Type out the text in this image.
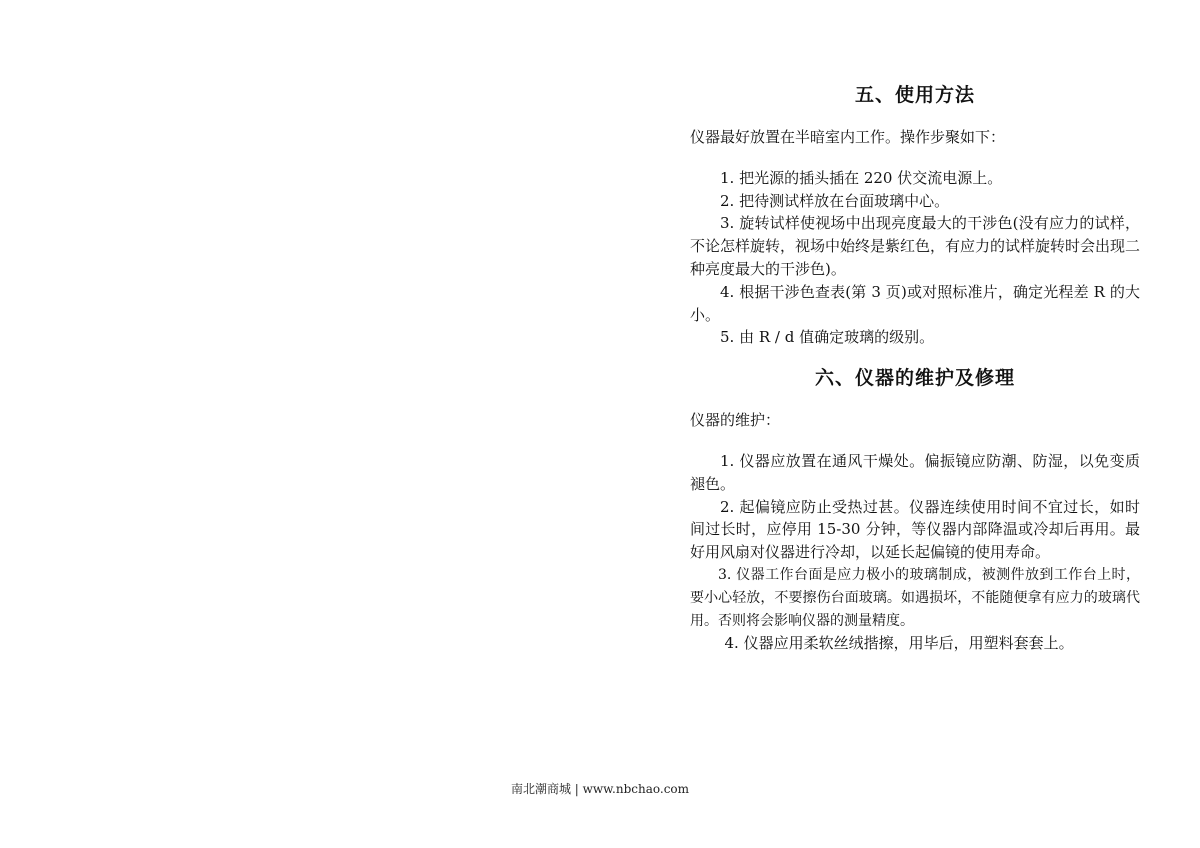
五、使用方法

仪器最好放置在半暗室内工作。操作步聚如下：

1. 把光源的插头插在 220 伏交流电源上。

2. 把待测试样放在台面玻璃中心。

3. 旋转试样使视场中出现亮度最大的干涉色(没有应力的试样，不论怎样旋转，视场中始终是紫红色，有应力的试样旋转时会出现二种亮度最大的干涉色)。

4. 根据干涉色查表(第 3 页)或对照标准片，确定光程差 R 的大小。

5. 由 R / d 值确定玻璃的级别。

六、仪器的维护及修理

仪器的维护：

1. 仪器应放置在通风干燥处。偏振镜应防潮、防湿，以免变质褪色。

2. 起偏镜应防止受热过甚。仪器连续使用时间不宜过长，如时间过长时，应停用 15-30 分钟，等仪器内部降温或冷却后再用。最好用风扇对仪器进行冷却，以延长起偏镜的使用寿命。

3. 仪器工作台面是应力极小的玻璃制成，被测件放到工作台上时，要小心轻放，不要擦伤台面玻璃。如遇损坏，不能随便拿有应力的玻璃代用。否则将会影响仪器的测量精度。

4. 仪器应用柔软丝绒揩擦，用毕后，用塑料套套上。

南北潮商城 | www.nbchao.com
